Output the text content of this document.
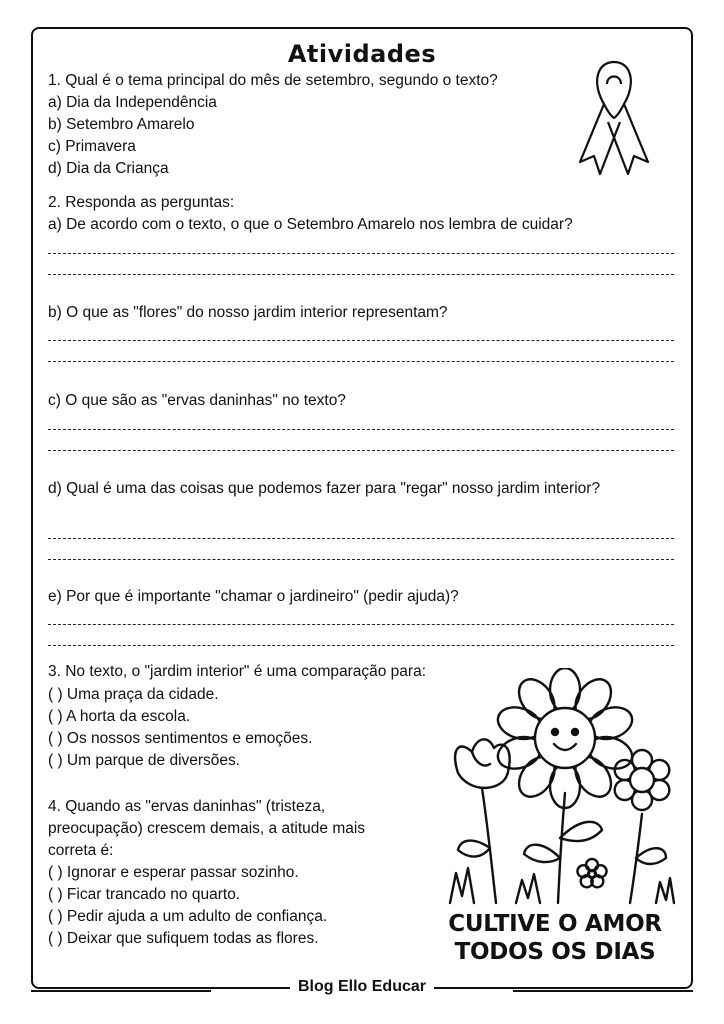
Atividades
1. Qual é o tema principal do mês de setembro, segundo o texto?
a) Dia da Independência
b) Setembro Amarelo
c) Primavera
d) Dia da Criança
2. Responda as perguntas:
a) De acordo com o texto, o que o Setembro Amarelo nos lembra de cuidar?
b) O que as "flores" do nosso jardim interior representam?
c) O que são as "ervas daninhas" no texto?
d) Qual é uma das coisas que podemos fazer para "regar" nosso jardim interior?
e) Por que é importante "chamar o jardineiro" (pedir ajuda)?
3. No texto, o "jardim interior" é uma comparação para:
( ) Uma praça da cidade.
( ) A horta da escola.
( ) Os nossos sentimentos e emoções.
( ) Um parque de diversões.
4. Quando as "ervas daninhas" (tristeza,
preocupação) crescem demais, a atitude mais
correta é:
( ) Ignorar e esperar passar sozinho.
( ) Ficar trancado no quarto.
( ) Pedir ajuda a um adulto de confiança.
( ) Deixar que sufiquem todas as flores.
CULTIVE O AMOR
TODOS OS DIAS
Blog Ello Educar
